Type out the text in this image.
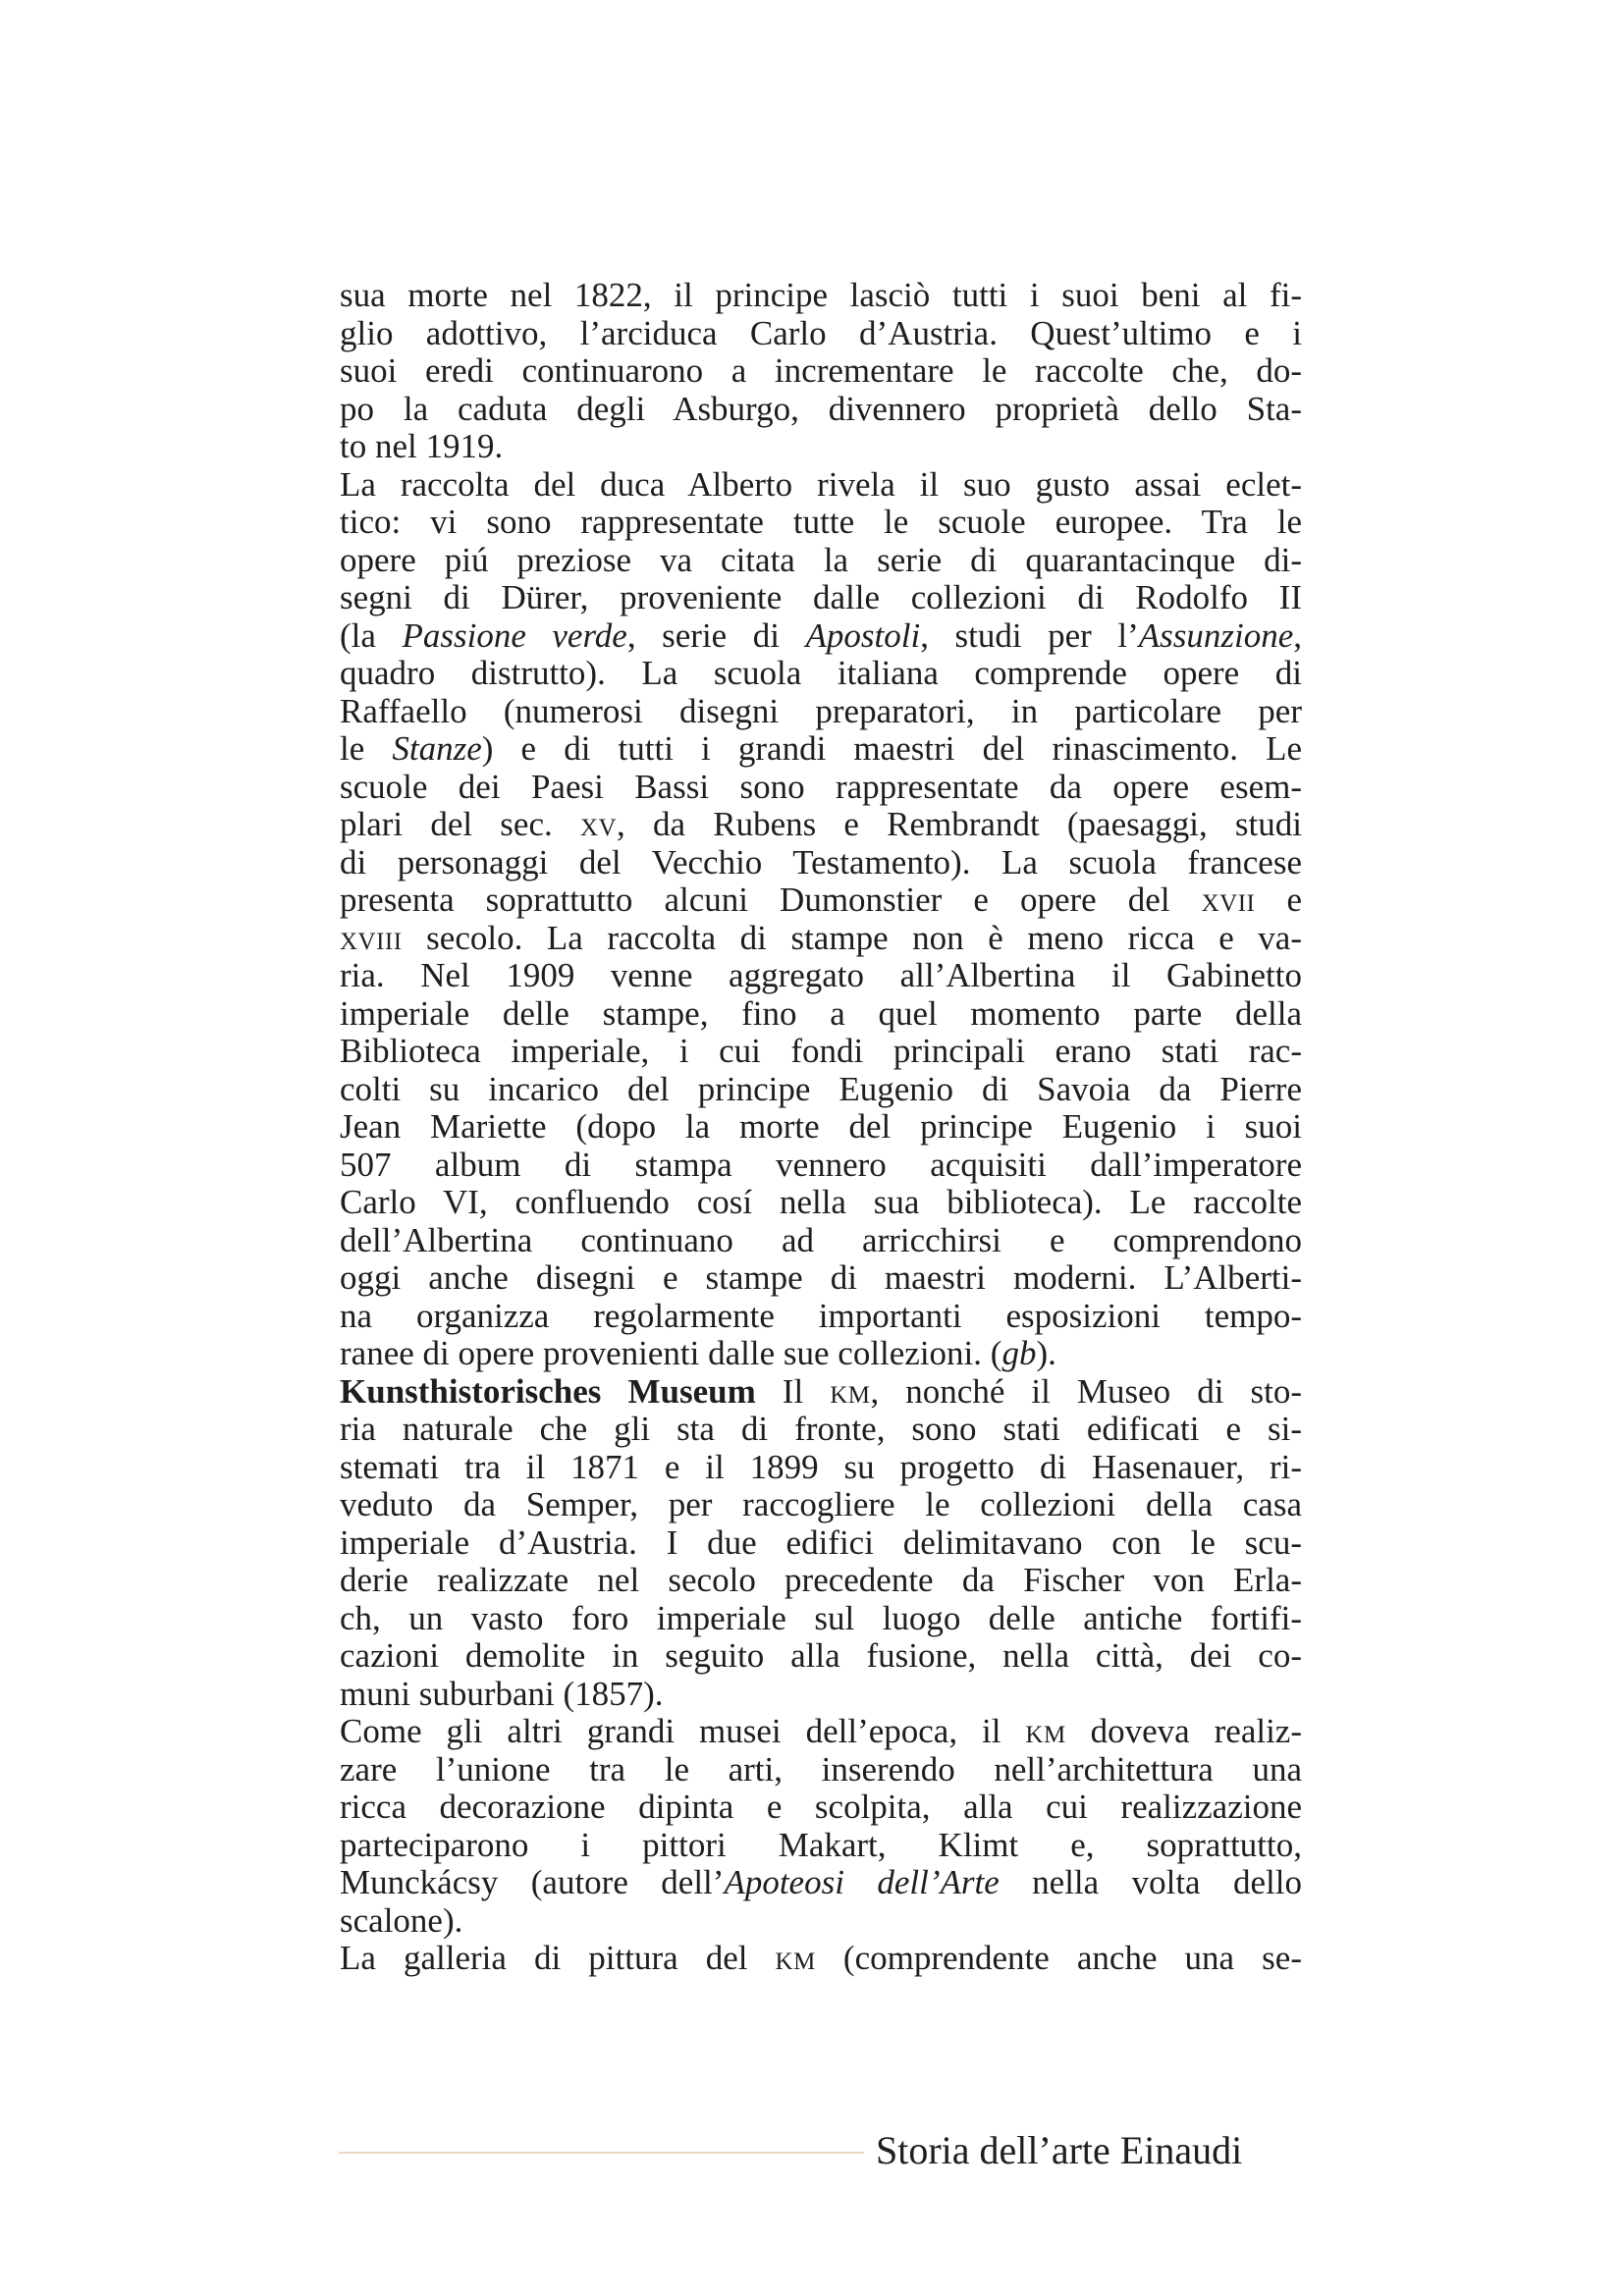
sua morte nel 1822, il principe lasciò tutti i suoi beni al fi-
glio adottivo, l’arciduca Carlo d’Austria. Quest’ultimo e i
suoi eredi continuarono a incrementare le raccolte che, do-
po la caduta degli Asburgo, divennero proprietà dello Sta-
to nel 1919.
La raccolta del duca Alberto rivela il suo gusto assai eclet-
tico: vi sono rappresentate tutte le scuole europee. Tra le
opere piú preziose va citata la serie di quarantacinque di-
segni di Dürer, proveniente dalle collezioni di Rodolfo II
(la Passione verde, serie di Apostoli, studi per l’Assunzione,
quadro distrutto). La scuola italiana comprende opere di
Raffaello (numerosi disegni preparatori, in particolare per
le Stanze) e di tutti i grandi maestri del rinascimento. Le
scuole dei Paesi Bassi sono rappresentate da opere esem-
plari del sec. xv, da Rubens e Rembrandt (paesaggi, studi
di personaggi del Vecchio Testamento). La scuola francese
presenta soprattutto alcuni Dumonstier e opere del xvii e
xviii secolo. La raccolta di stampe non è meno ricca e va-
ria. Nel 1909 venne aggregato all’Albertina il Gabinetto
imperiale delle stampe, fino a quel momento parte della
Biblioteca imperiale, i cui fondi principali erano stati rac-
colti su incarico del principe Eugenio di Savoia da Pierre
Jean Mariette (dopo la morte del principe Eugenio i suoi
507 album di stampa vennero acquisiti dall’imperatore
Carlo VI, confluendo cosí nella sua biblioteca). Le raccolte
dell’Albertina continuano ad arricchirsi e comprendono
oggi anche disegni e stampe di maestri moderni. L’Alberti-
na organizza regolarmente importanti esposizioni tempo-
ranee di opere provenienti dalle sue collezioni. (gb).
Kunsthistorisches Museum Il km, nonché il Museo di sto-
ria naturale che gli sta di fronte, sono stati edificati e si-
stemati tra il 1871 e il 1899 su progetto di Hasenauer, ri-
veduto da Semper, per raccogliere le collezioni della casa
imperiale d’Austria. I due edifici delimitavano con le scu-
derie realizzate nel secolo precedente da Fischer von Erla-
ch, un vasto foro imperiale sul luogo delle antiche fortifi-
cazioni demolite in seguito alla fusione, nella città, dei co-
muni suburbani (1857).
Come gli altri grandi musei dell’epoca, il km doveva realiz-
zare l’unione tra le arti, inserendo nell’architettura una
ricca decorazione dipinta e scolpita, alla cui realizzazione
parteciparono i pittori Makart, Klimt e, soprattutto,
Munckácsy (autore dell’Apoteosi dell’Arte nella volta dello
scalone).
La galleria di pittura del km (comprendente anche una se-
Storia dell’arte Einaudi
